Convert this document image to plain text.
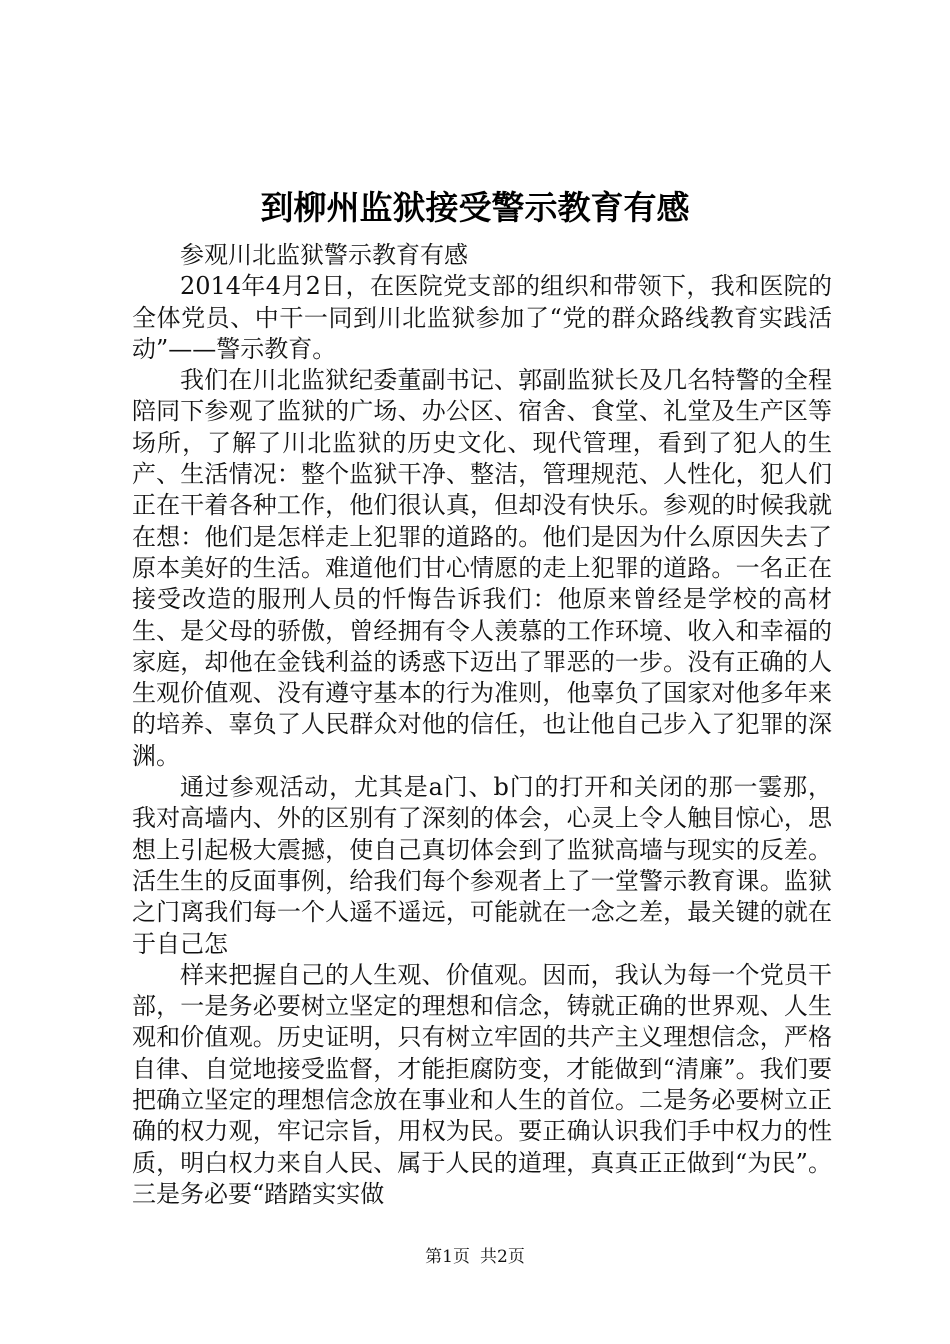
到柳州监狱接受警示教育有感

参观川北监狱警示教育有感

2014年4月2日，在医院党支部的组织和带领下，我和医院的全体党员、中干一同到川北监狱参加了“党的群众路线教育实践活动”——警示教育。

我们在川北监狱纪委董副书记、郭副监狱长及几名特警的全程陪同下参观了监狱的广场、办公区、宿舍、食堂、礼堂及生产区等场所，了解了川北监狱的历史文化、现代管理，看到了犯人的生产、生活情况：整个监狱干净、整洁，管理规范、人性化，犯人们正在干着各种工作，他们很认真，但却没有快乐。参观的时候我就在想：他们是怎样走上犯罪的道路的。他们是因为什么原因失去了原本美好的生活。难道他们甘心情愿的走上犯罪的道路。一名正在接受改造的服刑人员的忏悔告诉我们：他原来曾经是学校的高材生、是父母的骄傲，曾经拥有令人羡慕的工作环境、收入和幸福的家庭，却他在金钱利益的诱惑下迈出了罪恶的一步。没有正确的人生观价值观、没有遵守基本的行为准则，他辜负了国家对他多年来的培养、辜负了人民群众对他的信任，也让他自己步入了犯罪的深渊。

通过参观活动，尤其是a门、b门的打开和关闭的那一霎那，我对高墙内、外的区别有了深刻的体会，心灵上令人触目惊心，思想上引起极大震撼，使自己真切体会到了监狱高墙与现实的反差。活生生的反面事例，给我们每个参观者上了一堂警示教育课。监狱之门离我们每一个人遥不遥远，可能就在一念之差，最关键的就在于自己怎

样来把握自己的人生观、价值观。因而，我认为每一个党员干部，一是务必要树立坚定的理想和信念，铸就正确的世界观、人生观和价值观。历史证明，只有树立牢固的共产主义理想信念，严格自律、自觉地接受监督，才能拒腐防变，才能做到“清廉”。我们要把确立坚定的理想信念放在事业和人生的首位。二是务必要树立正确的权力观，牢记宗旨，用权为民。要正确认识我们手中权力的性质，明白权力来自人民、属于人民的道理，真真正正做到“为民”。三是务必要“踏踏实实做

第1页 共2页
